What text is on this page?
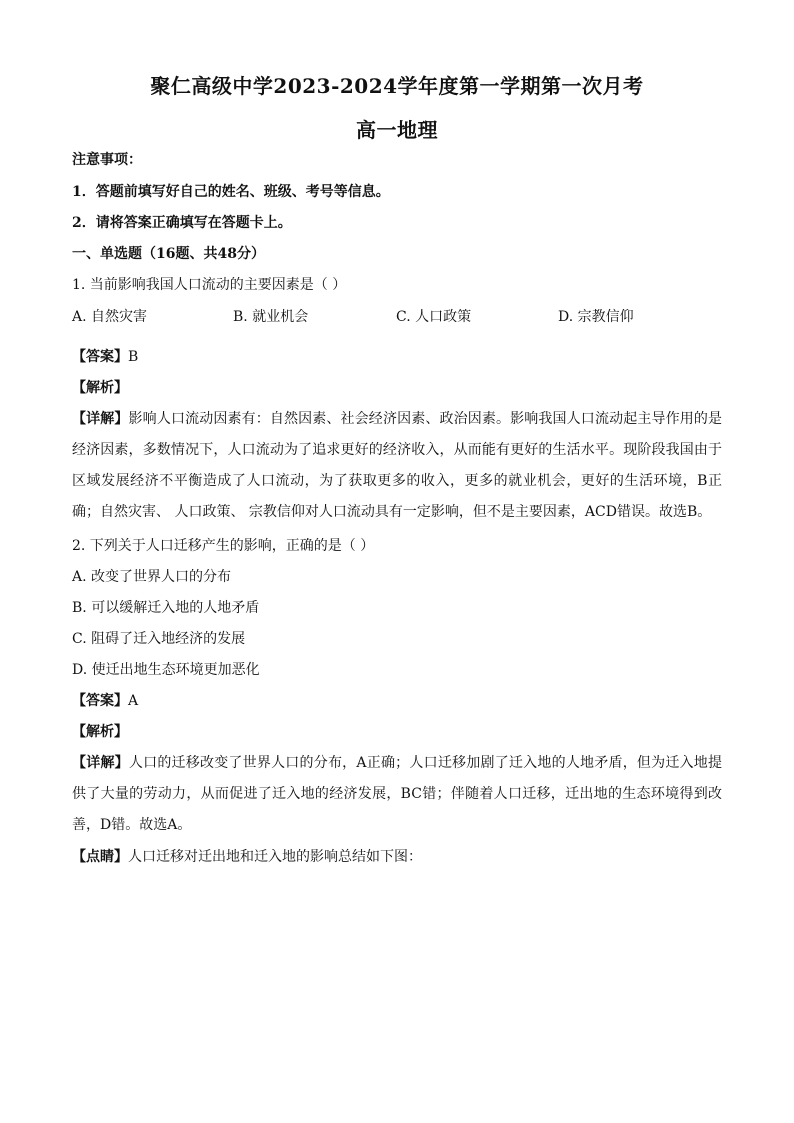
聚仁高级中学2023-2024学年度第一学期第一次月考
高一地理
注意事项：
1．答题前填写好自己的姓名、班级、考号等信息。
2．请将答案正确填写在答题卡上。
一、单选题（16题、共48分）
1. 当前影响我国人口流动的主要因素是（ ）
A. 自然灾害	B. 就业机会	C. 人口政策	D. 宗教信仰
【答案】B
【解析】
【详解】影响人口流动因素有：自然因素、社会经济因素、政治因素。影响我国人口流动起主导作用的是经济因素，多数情况下，人口流动为了追求更好的经济收入，从而能有更好的生活水平。现阶段我国由于区域发展经济不平衡造成了人口流动，为了获取更多的收入，更多的就业机会，更好的生活环境，B正确；自然灾害、 人口政策、 宗教信仰对人口流动具有一定影响，但不是主要因素，ACD错误。故选B。
2. 下列关于人口迁移产生的影响，正确的是（ ）
A. 改变了世界人口的分布
B. 可以缓解迁入地的人地矛盾
C. 阻碍了迁入地经济的发展
D. 使迁出地生态环境更加恶化
【答案】A
【解析】
【详解】人口的迁移改变了世界人口的分布，A正确；人口迁移加剧了迁入地的人地矛盾，但为迁入地提供了大量的劳动力，从而促进了迁入地的经济发展，BC错；伴随着人口迁移，迁出地的生态环境得到改善，D错。故选A。
【点睛】人口迁移对迁出地和迁入地的影响总结如下图：
